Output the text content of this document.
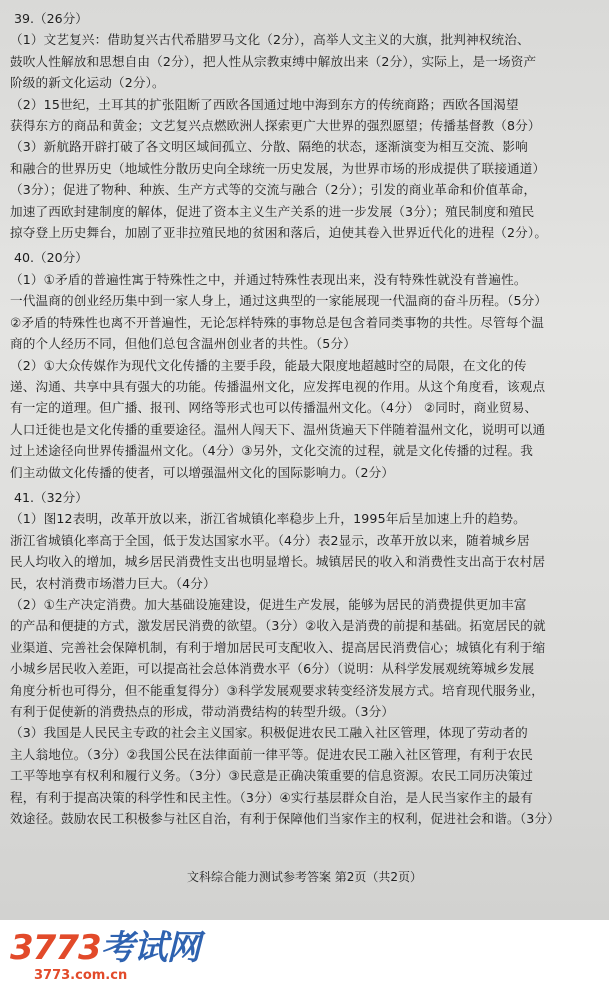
39.（26分）
（1）文艺复兴：借助复兴古代希腊罗马文化（2分），高举人文主义的大旗，批判神权统治、
鼓吹人性解放和思想自由（2分），把人性从宗教束缚中解放出来（2分），实际上，是一场资产
阶级的新文化运动（2分）。
（2）15世纪，土耳其的扩张阻断了西欧各国通过地中海到东方的传统商路；西欧各国渴望
获得东方的商品和黄金；文艺复兴点燃欧洲人探索更广大世界的强烈愿望；传播基督教（8分）
（3）新航路开辟打破了各文明区域间孤立、分散、隔绝的状态，逐渐演变为相互交流、影响
和融合的世界历史（地域性分散历史向全球统一历史发展，为世界市场的形成提供了联接通道）
（3分）；促进了物种、种族、生产方式等的交流与融合（2分）；引发的商业革命和价值革命，
加速了西欧封建制度的解体，促进了资本主义生产关系的进一步发展（3分）；殖民制度和殖民
掠夺登上历史舞台，加剧了亚非拉殖民地的贫困和落后，迫使其卷入世界近代化的进程（2分）。
40.（20分）
（1）①矛盾的普遍性寓于特殊性之中，并通过特殊性表现出来，没有特殊性就没有普遍性。
一代温商的创业经历集中到一家人身上，通过这典型的一家能展现一代温商的奋斗历程。（5分）
②矛盾的特殊性也离不开普遍性，无论怎样特殊的事物总是包含着同类事物的共性。尽管每个温
商的个人经历不同，但他们总包含温州创业者的共性。（5分）
（2）①大众传媒作为现代文化传播的主要手段，能最大限度地超越时空的局限，在文化的传
递、沟通、共享中具有强大的功能。传播温州文化，应发挥电视的作用。从这个角度看，该观点
有一定的道理。但广播、报刊、网络等形式也可以传播温州文化。（4分） ②同时，商业贸易、
人口迁徙也是文化传播的重要途径。温州人闯天下、温州货遍天下伴随着温州文化，说明可以通
过上述途径向世界传播温州文化。（4分）③另外，文化交流的过程，就是文化传播的过程。我
们主动做文化传播的使者，可以增强温州文化的国际影响力。（2分）
41.（32分）
（1）图12表明，改革开放以来，浙江省城镇化率稳步上升，1995年后呈加速上升的趋势。
浙江省城镇化率高于全国，低于发达国家水平。（4分）表2显示，改革开放以来，随着城乡居
民人均收入的增加，城乡居民消费性支出也明显增长。城镇居民的收入和消费性支出高于农村居
民，农村消费市场潜力巨大。（4分）
（2）①生产决定消费。加大基础设施建设，促进生产发展，能够为居民的消费提供更加丰富
的产品和便捷的方式，激发居民消费的欲望。（3分）②收入是消费的前提和基础。拓宽居民的就
业渠道、完善社会保障机制，有利于增加居民可支配收入、提高居民消费信心；城镇化有利于缩
小城乡居民收入差距，可以提高社会总体消费水平（6分）（说明：从科学发展观统筹城乡发展
角度分析也可得分，但不能重复得分）③科学发展观要求转变经济发展方式。培育现代服务业，
有利于促使新的消费热点的形成，带动消费结构的转型升级。（3分）
（3）我国是人民民主专政的社会主义国家。积极促进农民工融入社区管理，体现了劳动者的
主人翁地位。（3分）②我国公民在法律面前一律平等。促进农民工融入社区管理，有利于农民
工平等地享有权利和履行义务。（3分）③民意是正确决策重要的信息资源。农民工同历决策过
程，有利于提高决策的科学性和民主性。（3分）④实行基层群众自治，是人民当家作主的最有
效途径。鼓励农民工积极参与社区自治，有利于保障他们当家作主的权利，促进社会和谐。（3分）
文科综合能力测试参考答案 第2页（共2页）
3773考试网
3773.com.cn
